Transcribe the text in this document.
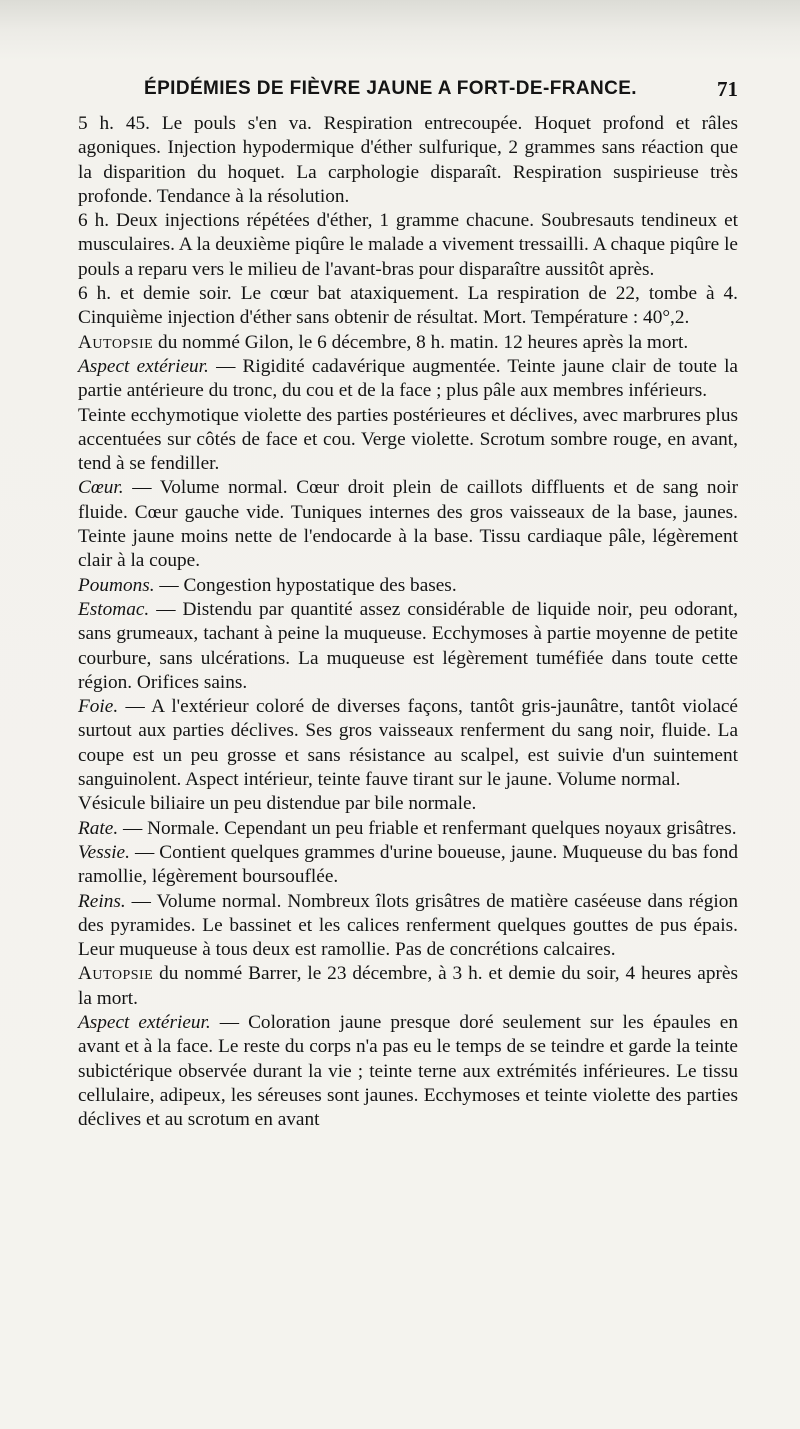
ÉPIDÉMIES DE FIÈVRE JAUNE A FORT-DE-FRANCE.	71

5 h. 45. Le pouls s'en va. Respiration entrecoupée. Hoquet profond et râles agoniques. Injection hypodermique d'éther sulfurique, 2 grammes sans réaction que la disparition du hoquet. La carphologie disparaît. Respiration suspirieuse très profonde. Tendance à la résolution.

6 h. Deux injections répétées d'éther, 1 gramme chacune. Soubresauts tendineux et musculaires. A la deuxième piqûre le malade a vivement tressailli. A chaque piqûre le pouls a reparu vers le milieu de l'avant-bras pour disparaître aussitôt après.

6 h. et demie soir. Le cœur bat ataxiquement. La respiration de 22, tombe à 4. Cinquième injection d'éther sans obtenir de résultat. Mort. Température : 40°,2.

Autopsie du nommé Gilon, le 6 décembre, 8 h. matin. 12 heures après la mort.

Aspect extérieur. — Rigidité cadavérique augmentée. Teinte jaune clair de toute la partie antérieure du tronc, du cou et de la face ; plus pâle aux membres inférieurs.

Teinte ecchymotique violette des parties postérieures et déclives, avec marbrures plus accentuées sur côtés de face et cou. Verge violette. Scrotum sombre rouge, en avant, tend à se fendiller.

Cœur. — Volume normal. Cœur droit plein de caillots diffluents et de sang noir fluide. Cœur gauche vide. Tuniques internes des gros vaisseaux de la base, jaunes. Teinte jaune moins nette de l'endocarde à la base. Tissu cardiaque pâle, légèrement clair à la coupe.

Poumons. — Congestion hypostatique des bases.

Estomac. — Distendu par quantité assez considérable de liquide noir, peu odorant, sans grumeaux, tachant à peine la muqueuse. Ecchymoses à partie moyenne de petite courbure, sans ulcérations. La muqueuse est légèrement tuméfiée dans toute cette région. Orifices sains.

Foie. — A l'extérieur coloré de diverses façons, tantôt gris-jaunâtre, tantôt violacé surtout aux parties déclives. Ses gros vaisseaux renferment du sang noir, fluide. La coupe est un peu grosse et sans résistance au scalpel, est suivie d'un suintement sanguinolent. Aspect intérieur, teinte fauve tirant sur le jaune. Volume normal.

Vésicule biliaire un peu distendue par bile normale.

Rate. — Normale. Cependant un peu friable et renfermant quelques noyaux grisâtres.

Vessie. — Contient quelques grammes d'urine boueuse, jaune. Muqueuse du bas fond ramollie, légèrement boursouflée.

Reins. — Volume normal. Nombreux îlots grisâtres de matière caséeuse dans région des pyramides. Le bassinet et les calices renferment quelques gouttes de pus épais. Leur muqueuse à tous deux est ramollie. Pas de concrétions calcaires.

Autopsie du nommé Barrer, le 23 décembre, à 3 h. et demie du soir, 4 heures après la mort.

Aspect extérieur. — Coloration jaune presque doré seulement sur les épaules en avant et à la face. Le reste du corps n'a pas eu le temps de se teindre et garde la teinte subictérique observée durant la vie ; teinte terne aux extrémités inférieures. Le tissu cellulaire, adipeux, les séreuses sont jaunes. Ecchymoses et teinte violette des parties déclives et au scrotum en avant
